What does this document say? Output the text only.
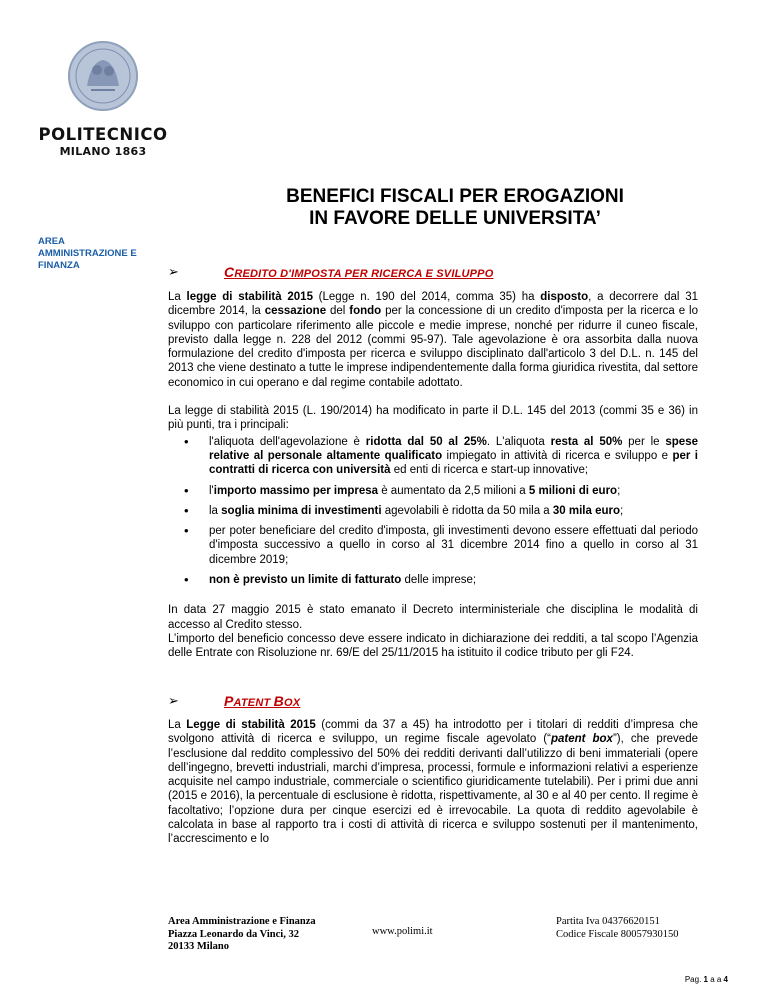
POLITECNICO
MILANO 1863
AREA
AMMINISTRAZIONE E
FINANZA
BENEFICI FISCALI PER EROGAZIONI
IN FAVORE DELLE UNIVERSITA’
➢	CREDITO D'IMPOSTA PER RICERCA E SVILUPPO

La legge di stabilità 2015 (Legge n. 190 del 2014, comma 35) ha disposto, a decorrere dal 31 dicembre 2014, la cessazione del fondo per la concessione di un credito d'imposta per la ricerca e lo sviluppo con particolare riferimento alle piccole e medie imprese, nonché per ridurre il cuneo fiscale, previsto dalla legge n. 228 del 2012 (commi 95-97). Tale agevolazione è ora assorbita dalla nuova formulazione del credito d'imposta per ricerca e sviluppo disciplinato dall'articolo 3 del D.L. n. 145 del 2013 che viene destinato a tutte le imprese indipendentemente dalla forma giuridica rivestita, dal settore economico in cui operano e dal regime contabile adottato.

La legge di stabilità 2015 (L. 190/2014) ha modificato in parte il D.L. 145 del 2013 (commi 35 e 36) in più punti, tra i principali:

• l'aliquota dell'agevolazione è ridotta dal 50 al 25%. L'aliquota resta al 50% per le spese relative al personale altamente qualificato impiegato in attività di ricerca e sviluppo e per i contratti di ricerca con università ed enti di ricerca e start-up innovative;
• l'importo massimo per impresa è aumentato da 2,5 milioni a 5 milioni di euro;
• la soglia minima di investimenti agevolabili è ridotta da 50 mila a 30 mila euro;
• per poter beneficiare del credito d'imposta, gli investimenti devono essere effettuati dal periodo d'imposta successivo a quello in corso al 31 dicembre 2014 fino a quello in corso al 31 dicembre 2019;
• non è previsto un limite di fatturato delle imprese;

In data 27 maggio 2015 è stato emanato il Decreto interministeriale che disciplina le modalità di accesso al Credito stesso.

L’importo del beneficio concesso deve essere indicato in dichiarazione dei redditi, a tal scopo l’Agenzia delle Entrate con Risoluzione nr. 69/E del 25/11/2015 ha istituito il codice tributo per gli F24.

➢	PATENT BOX

La Legge di stabilità 2015 (commi da 37 a 45) ha introdotto per i titolari di redditi d’impresa che svolgono attività di ricerca e sviluppo, un regime fiscale agevolato (“patent box”), che prevede l’esclusione dal reddito complessivo del 50% dei redditi derivanti dall’utilizzo di beni immateriali (opere dell’ingegno, brevetti industriali, marchi d’impresa, processi, formule e informazioni relativi a esperienze acquisite nel campo industriale, commerciale o scientifico giuridicamente tutelabili). Per i primi due anni (2015 e 2016), la percentuale di esclusione è ridotta, rispettivamente, al 30 e al 40 per cento. Il regime è facoltativo; l’opzione dura per cinque esercizi ed è irrevocabile. La quota di reddito agevolabile è calcolata in base al rapporto tra i costi di attività di ricerca e sviluppo sostenuti per il mantenimento, l’accrescimento e lo

Area Amministrazione e Finanza
Piazza Leonardo da Vinci, 32
20133 Milano
www.polimi.it
Partita Iva 04376620151
Codice Fiscale 80057930150
Pag. 1 a a 4
